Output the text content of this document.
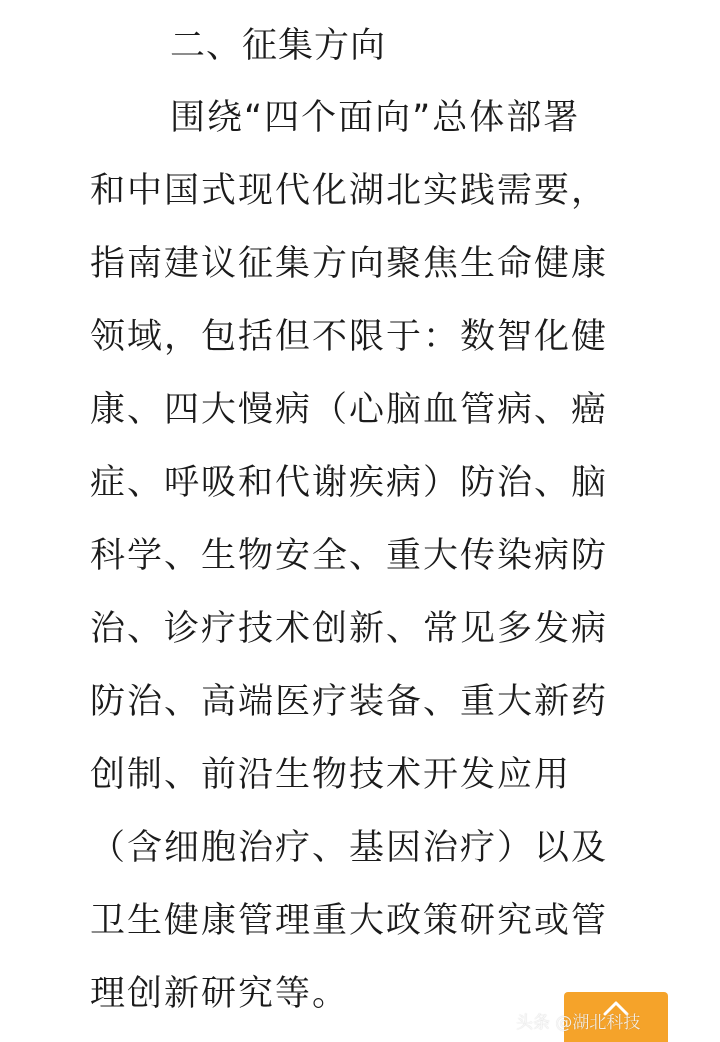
二、征集方向
围绕“四个面向”总体部署
和中国式现代化湖北实践需要，
指南建议征集方向聚焦生命健康
领域，包括但不限于：数智化健
康、四大慢病（心脑血管病、癌
症、呼吸和代谢疾病）防治、脑
科学、生物安全、重大传染病防
治、诊疗技术创新、常见多发病
防治、高端医疗装备、重大新药
创制、前沿生物技术开发应用
（含细胞治疗、基因治疗）以及
卫生健康管理重大政策研究或管
理创新研究等。
头条 @湖北科技
